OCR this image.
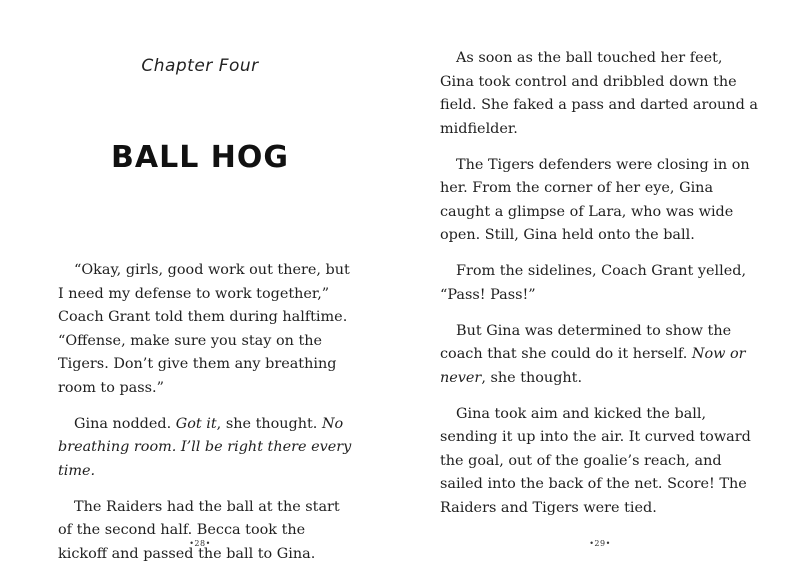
Chapter Four
BALL HOG

“Okay, girls, good work out there, but I need my defense to work together,” Coach Grant told them during halftime. “Offense, make sure you stay on the Tigers. Don’t give them any breathing room to pass.”

Gina nodded. Got it, she thought. No breathing room. I’ll be right there every time.

The Raiders had the ball at the start of the second half. Becca took the kickoff and passed the ball to Gina.

As soon as the ball touched her feet, Gina took control and dribbled down the field. She faked a pass and darted around a midfielder.

The Tigers defenders were closing in on her. From the corner of her eye, Gina caught a glimpse of Lara, who was wide open. Still, Gina held onto the ball.

From the sidelines, Coach Grant yelled, “Pass! Pass!”

But Gina was determined to show the coach that she could do it herself. Now or never, she thought.

Gina took aim and kicked the ball, sending it up into the air. It curved toward the goal, out of the goalie’s reach, and sailed into the back of the net. Score! The Raiders and Tigers were tied.

•28•	•29•
